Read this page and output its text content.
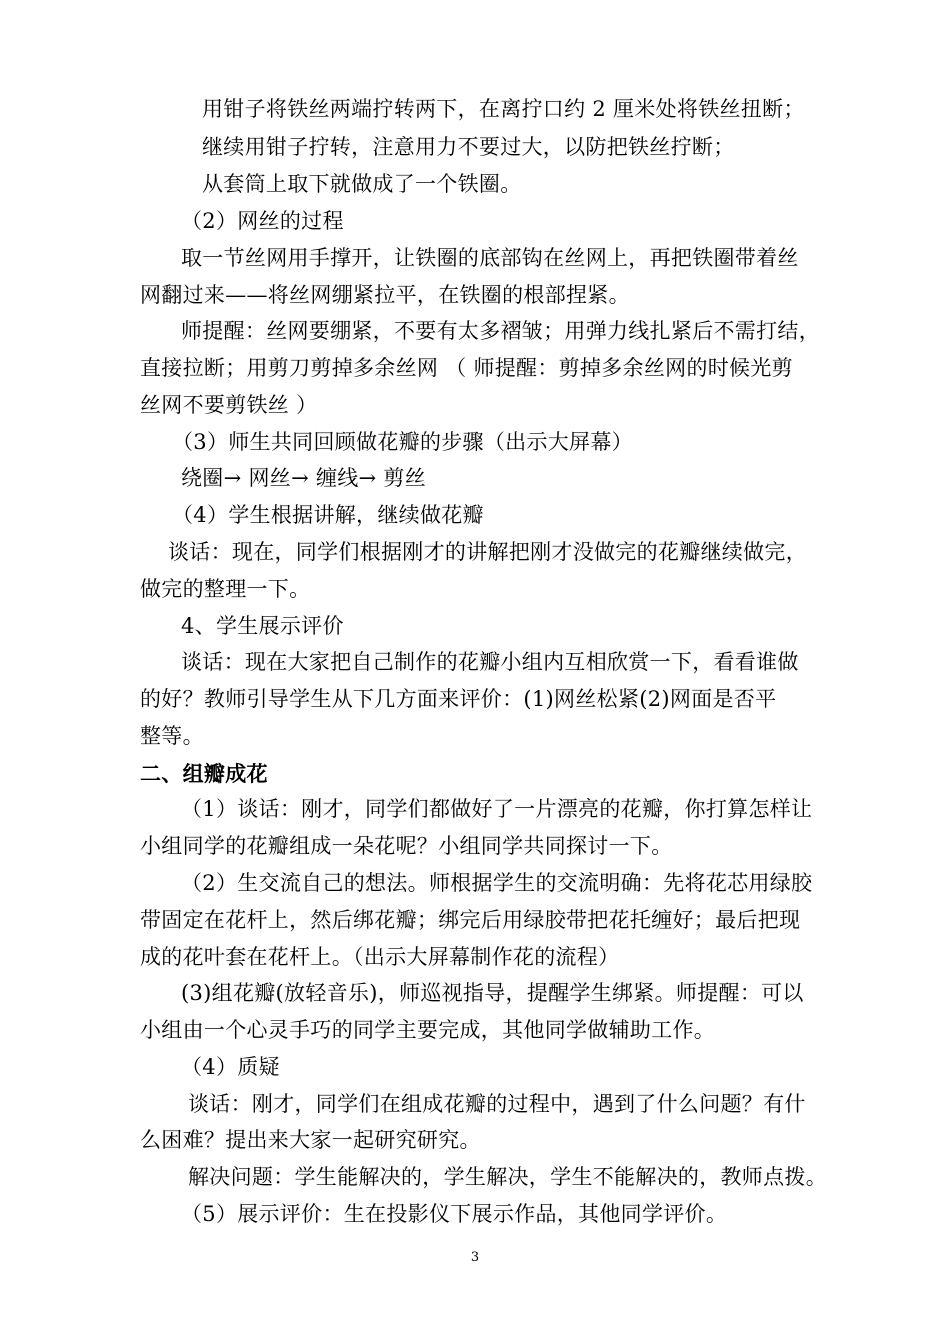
用钳子将铁丝两端拧转两下，在离拧口约 2 厘米处将铁丝扭断；
继续用钳子拧转，注意用力不要过大，以防把铁丝拧断；
从套筒上取下就做成了一个铁圈。
（2）网丝的过程
取一节丝网用手撑开，让铁圈的底部钩在丝网上，再把铁圈带着丝
网翻过来——将丝网绷紧拉平，在铁圈的根部捏紧。
师提醒：丝网要绷紧，不要有太多褶皱；用弹力线扎紧后不需打结，
直接拉断；用剪刀剪掉多余丝网 （ 师提醒：剪掉多余丝网的时候光剪
丝网不要剪铁丝 ）
（3）师生共同回顾做花瓣的步骤（出示大屏幕）
绕圈→ 网丝→ 缠线→ 剪丝
（4）学生根据讲解，继续做花瓣
谈话：现在，同学们根据刚才的讲解把刚才没做完的花瓣继续做完，
做完的整理一下。
4、学生展示评价
谈话：现在大家把自己制作的花瓣小组内互相欣赏一下，看看谁做
的好？教师引导学生从下几方面来评价：(1)网丝松紧(2)网面是否平
整等。
二、组瓣成花
（1）谈话：刚才，同学们都做好了一片漂亮的花瓣，你打算怎样让
小组同学的花瓣组成一朵花呢？小组同学共同探讨一下。
（2）生交流自己的想法。师根据学生的交流明确：先将花芯用绿胶
带固定在花杆上，然后绑花瓣；绑完后用绿胶带把花托缠好；最后把现
成的花叶套在花杆上。（出示大屏幕制作花的流程）
(3)组花瓣(放轻音乐)，师巡视指导，提醒学生绑紧。师提醒：可以
小组由一个心灵手巧的同学主要完成，其他同学做辅助工作。
（4）质疑
谈话：刚才，同学们在组成花瓣的过程中，遇到了什么问题？有什
么困难？提出来大家一起研究研究。
解决问题：学生能解决的，学生解决，学生不能解决的，教师点拨。
（5）展示评价：生在投影仪下展示作品，其他同学评价。
3
